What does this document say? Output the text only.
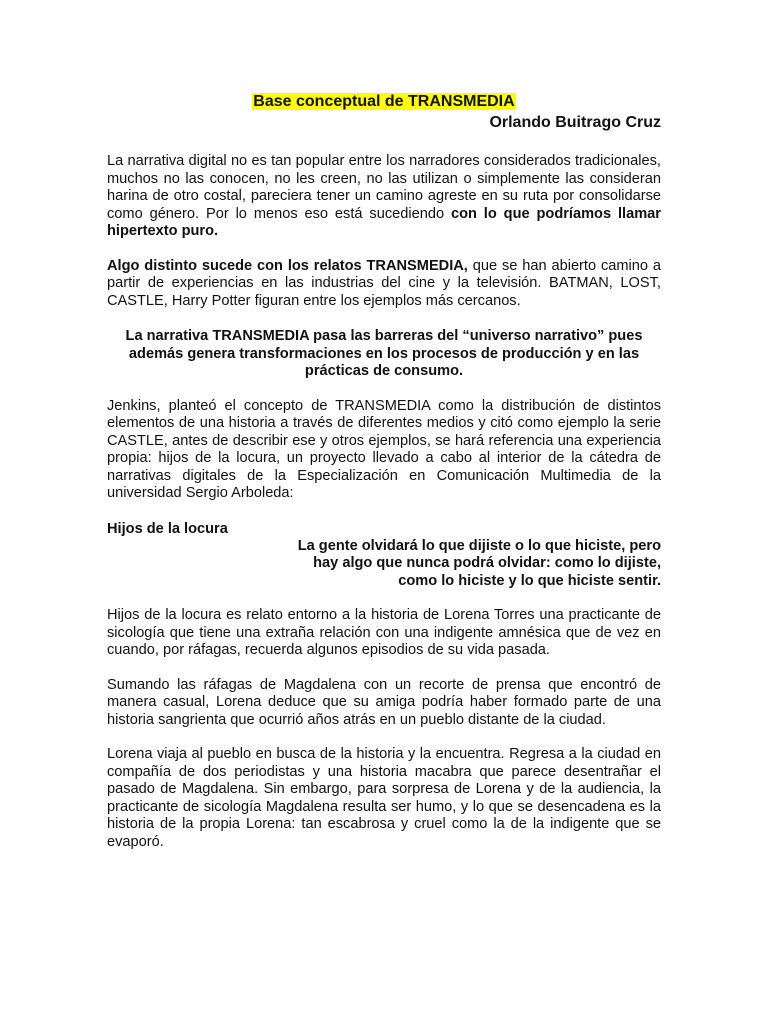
Base conceptual de TRANSMEDIA
Orlando Buitrago Cruz

La narrativa digital no es tan popular entre los narradores considerados tradicionales, muchos no las conocen, no les creen, no las utilizan o simplemente las consideran harina de otro costal, pareciera tener un camino agreste en su ruta por consolidarse como género. Por lo menos eso está sucediendo con lo que podríamos llamar hipertexto puro.

Algo distinto sucede con los relatos TRANSMEDIA, que se han abierto camino a partir de experiencias en las industrias del cine y la televisión. BATMAN, LOST, CASTLE, Harry Potter figuran entre los ejemplos más cercanos.

La narrativa TRANSMEDIA pasa las barreras del “universo narrativo” pues además genera transformaciones en los procesos de producción y en las prácticas de consumo.

Jenkins, planteó el concepto de TRANSMEDIA como la distribución de distintos elementos de una historia a través de diferentes medios y citó como ejemplo la serie CASTLE, antes de describir ese y otros ejemplos, se hará referencia una experiencia propia: hijos de la locura, un proyecto llevado a cabo al interior de la cátedra de narrativas digitales de la Especialización en Comunicación Multimedia de la universidad Sergio Arboleda:

Hijos de la locura
La gente olvidará lo que dijiste o lo que hiciste, pero
hay algo que nunca podrá olvidar: como lo dijiste,
como lo hiciste y lo que hiciste sentir.

Hijos de la locura es relato entorno a la historia de Lorena Torres una practicante de sicología que tiene una extraña relación con una indigente amnésica que de vez en cuando, por ráfagas, recuerda algunos episodios de su vida pasada.

Sumando las ráfagas de Magdalena con un recorte de prensa que encontró de manera casual, Lorena deduce que su amiga podría haber formado parte de una historia sangrienta que ocurrió años atrás en un pueblo distante de la ciudad.

Lorena viaja al pueblo en busca de la historia y la encuentra. Regresa a la ciudad en compañía de dos periodistas y una historia macabra que parece desentrañar el pasado de Magdalena. Sin embargo, para sorpresa de Lorena y de la audiencia, la practicante de sicología Magdalena resulta ser humo, y lo que se desencadena es la historia de la propia Lorena: tan escabrosa y cruel como la de la indigente que se evaporó.
